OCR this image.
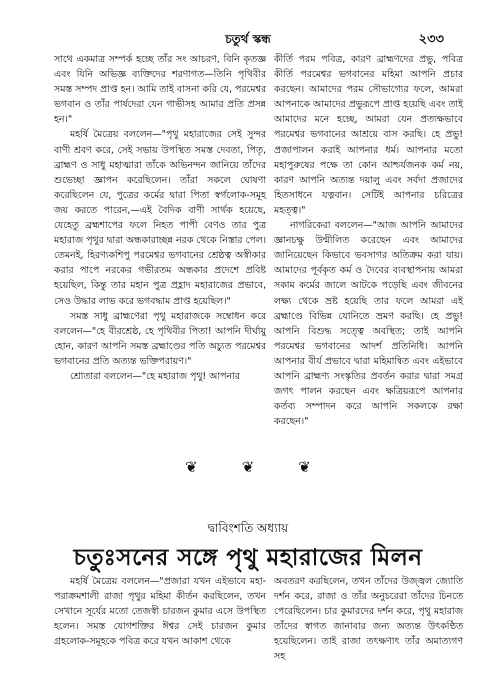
চতুর্থ স্কন্ধ	২৩৩

সাথে একমাত্র সম্পর্ক হচ্ছে তাঁর সং আচরণ, বিনি কৃতজ্ঞ এবং যিনি অভিজ্ঞ ব্যক্তিদের শরণাগত—তিনি পৃথিবীর সমস্ত সম্পদ প্রাপ্ত হন। আমি তাই বাসনা করি যে, পরমেশ্বর ভগবান ও তাঁর পার্ষদেরা যেন গাভীসহ আমার প্রতি প্রসন্ন হন।"

মহর্ষি মৈত্রেয় বললেন—"পৃথু মহারাজের সেই সুন্দর বাণী শ্রবণ করে, সেই সভায় উপস্থিত সমস্ত দেবতা, পিতৃ, ব্রাহ্মণ ও সাধু মহাত্মারা তাঁকে অভিনন্দন জানিয়ে তাঁদের শুভেচ্ছা জ্ঞাপন করেছিলেন। তাঁরা সকলে ঘোষণা করেছিলেন যে, পুত্রের কর্মের দ্বারা পিতা স্বর্গলোক-সমূহ জয় করতে পারেন,—এই বৈদিক বাণী সার্থক হয়েছে, যেহেতু ব্রহ্মশাপের ফলে নিহত পাপী বেণও তার পুত্র মহারাজ পৃথুর দ্বারা অন্ধকারাচ্ছন্ন নরক থেকে নিস্তার পেল। তেমনই, হিরণ্যকশিপু পরমেশ্বর ভগবানের শ্রেষ্ঠত্ব অস্বীকার করার পাপে নরকের গভীরতম অন্ধকার প্রদেশে প্রবিষ্ট হয়েছিল, কিন্তু তার মহান পুত্র প্রহ্লাদ মহারাজের প্রভাবে, সেও উদ্ধার লাভ করে ভগবদ্ধাম প্রাপ্ত হয়েছিল।"

সমস্ত সাধু ব্রাহ্মণেরা পৃথু মহারাজকে সম্বোধন করে বললেন—"হে বীরশ্রেষ্ঠ, হে পৃথিবীর পিতা! আপনি দীর্ঘায়ু হোন, কারণ আপনি সমস্ত ব্রহ্মাণ্ডের পতি অচ্যুত পরমেশ্বর ভগবানের প্রতি অত্যন্ত ভক্তিপরায়ণ।"

শ্রোতারা বললেন—"হে মহারাজ পৃথু! আপনার

কীর্তি পরম পবিত্র, কারণ ব্রাহ্মণদের প্রভু, পবিত্র কীর্তি পরমেশ্বর ভগবানের মহিমা আপনি প্রচার করছেন। আমাদের পরম সৌভাগ্যের ফলে, আমরা আপনাকে আমাদের প্রভুরূপে প্রাপ্ত হয়েছি এবং তাই আমাদের মনে হচ্ছে, আমরা যেন প্রত্যক্ষভাবে পরমেশ্বর ভগবানের আশ্রয়ে বাস করছি। হে প্রভু! প্রজাপালন করাই আপনার ধর্ম। আপনার মতো মহাপুরুষের পক্ষে তা কোন আশ্চর্যজনক কর্ম নয়, কারণ আপনি অত্যন্ত দয়ালু এবং সর্বদা প্রজাদের হিতসাধনে যত্নবান। সেটিই আপনার চরিত্রের মহত্ত্ব।"

নাগরিকেরা বললেন—"আজ আপনি আমাদের জ্ঞানচক্ষু উন্মীলিত করেছেন এবং আমাদের জানিয়েছেন কিভাবে ভবসাগর অতিক্রম করা যায়। আমাদের পূর্বকৃত কর্ম ও দৈবের ব্যবস্থাপনায় আমরা সকাম কর্মের জালে আটকে পড়েছি এবং জীবনের লক্ষ্য থেকে ভ্রষ্ট হয়েছি তার ফলে আমরা এই ব্রহ্মাণ্ডে বিভিন্ন যোনিতে ভ্রমণ করছি। হে প্রভু! আপনি বিশুদ্ধ সত্ত্বে অবস্থিত; তাই আপনি পরমেশ্বর ভগবানের আদর্শ প্রতিনিধি। আপনি আপনার বীর্য প্রভাবে দ্বারা মহিমান্বিত এবং এইভাবে আপনি ব্রাহ্মণ্য সংস্কৃতির প্রবর্তন করার দ্বারা সমগ্র জগৎ পালন করছেন এবং ক্ষত্রিয়রূপে আপনার কর্তব্য সম্পাদন করে আপনি সকলকে রক্ষা করছেন।"

❦	❦	❦
দ্বাবিংশতি অধ্যায়
চতুঃসনের সঙ্গে পৃথু মহারাজের মিলন

মহর্ষি মৈত্রেয় বললেন—"প্রজারা যখন এইভাবে মহা-পরাক্রমশালী রাজা পৃথুর মহিমা কীর্তন করছিলেন, তখন সেখানে সূর্যের মতো তেজস্বী চারজন কুমার এসে উপস্থিত হলেন। সমস্ত যোগশক্তির ঈশ্বর সেই চারজন কুমার গ্রহলোক-সমূহকে পবিত্র করে যখন আকাশ থেকে

অবতরণ করছিলেন, তখন তাঁদের উজ্জ্বল জ্যোতি দর্শন করে, রাজা ও তাঁর অনুচরেরা তাঁদের চিনতে পেরেছিলেন। চার কুমারদের দর্শন করে, পৃথু মহারাজ তাঁদের স্বাগত জানাবার জন্য অত্যন্ত উৎকণ্ঠিত হয়েছিলেন। তাই রাজা তৎক্ষণাৎ তাঁর অমাত্যগণ সহ
